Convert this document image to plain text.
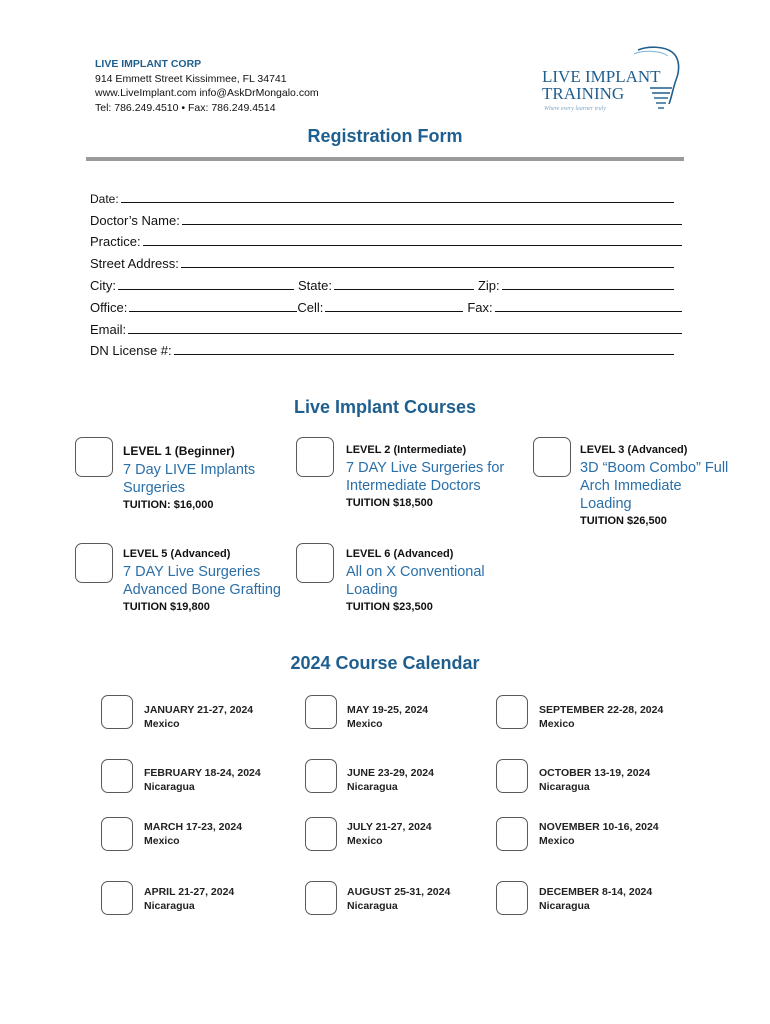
LIVE IMPLANT CORP
914 Emmett Street Kissimmee, FL 34741
www.LiveImplant.com info@AskDrMongalo.com
Tel: 786.249.4510 • Fax: 786.249.4514
LIVE IMPLANT
TRAINING
Where every learner truly
Registration Form
Date:
Doctor’s Name:
Practice:
Street Address:
City:	State:	Zip:
Office:	Cell:	Fax:
Email:
DN License #:
Live Implant Courses
LEVEL 1 (Beginner)
7 Day LIVE Implants Surgeries
TUITION: $16,000
LEVEL 2 (Intermediate)
7 DAY Live Surgeries for Intermediate Doctors
TUITION $18,500
LEVEL 3 (Advanced)
3D “Boom Combo” Full Arch Immediate Loading
TUITION $26,500
LEVEL 5 (Advanced)
7 DAY Live Surgeries Advanced Bone Grafting
TUITION $19,800
LEVEL 6 (Advanced)
All on X Conventional Loading
TUITION $23,500
2024 Course Calendar
JANUARY 21-27, 2024
Mexico
MAY 19-25, 2024
Mexico
SEPTEMBER 22-28, 2024
Mexico
FEBRUARY 18-24, 2024
Nicaragua
JUNE 23-29, 2024
Nicaragua
OCTOBER 13-19, 2024
Nicaragua
MARCH 17-23, 2024
Mexico
JULY 21-27, 2024
Mexico
NOVEMBER 10-16, 2024
Mexico
APRIL 21-27, 2024
Nicaragua
AUGUST 25-31, 2024
Nicaragua
DECEMBER 8-14, 2024
Nicaragua
